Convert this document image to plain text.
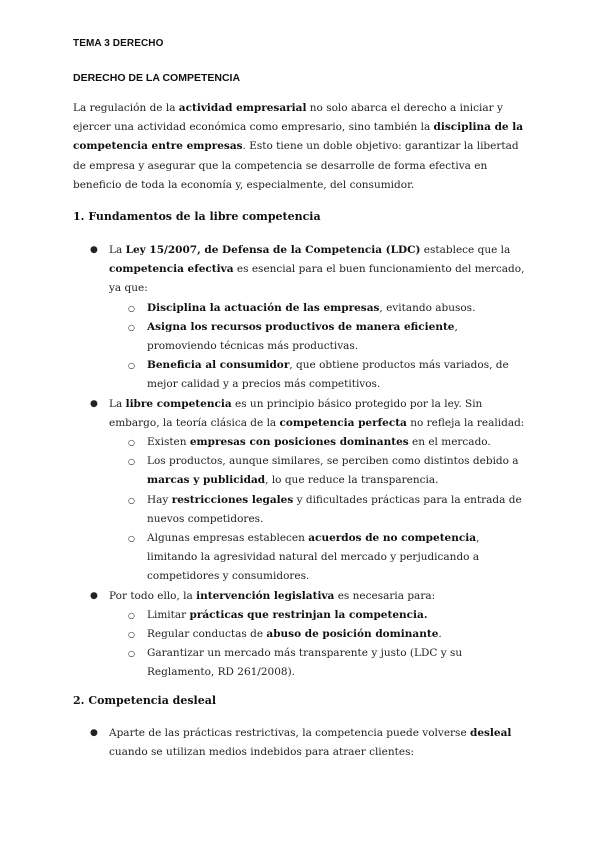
TEMA 3 DERECHO
DERECHO DE LA COMPETENCIA

La regulación de la actividad empresarial no solo abarca el derecho a iniciar y ejercer una actividad económica como empresario, sino también la disciplina de la competencia entre empresas. Esto tiene un doble objetivo: garantizar la libertad de empresa y asegurar que la competencia se desarrolle de forma efectiva en beneficio de toda la economía y, especialmente, del consumidor.

1. Fundamentos de la libre competencia
● La Ley 15/2007, de Defensa de la Competencia (LDC) establece que la competencia efectiva es esencial para el buen funcionamiento del mercado, ya que:
○ Disciplina la actuación de las empresas, evitando abusos.
○ Asigna los recursos productivos de manera eficiente, promoviendo técnicas más productivas.
○ Beneficia al consumidor, que obtiene productos más variados, de mejor calidad y a precios más competitivos.
● La libre competencia es un principio básico protegido por la ley. Sin embargo, la teoría clásica de la competencia perfecta no refleja la realidad:
○ Existen empresas con posiciones dominantes en el mercado.
○ Los productos, aunque similares, se perciben como distintos debido a marcas y publicidad, lo que reduce la transparencia.
○ Hay restricciones legales y dificultades prácticas para la entrada de nuevos competidores.
○ Algunas empresas establecen acuerdos de no competencia, limitando la agresividad natural del mercado y perjudicando a competidores y consumidores.
● Por todo ello, la intervención legislativa es necesaria para:
○ Limitar prácticas que restrinjan la competencia.
○ Regular conductas de abuso de posición dominante.
○ Garantizar un mercado más transparente y justo (LDC y su Reglamento, RD 261/2008).
2. Competencia desleal
● Aparte de las prácticas restrictivas, la competencia puede volverse desleal cuando se utilizan medios indebidos para atraer clientes:
